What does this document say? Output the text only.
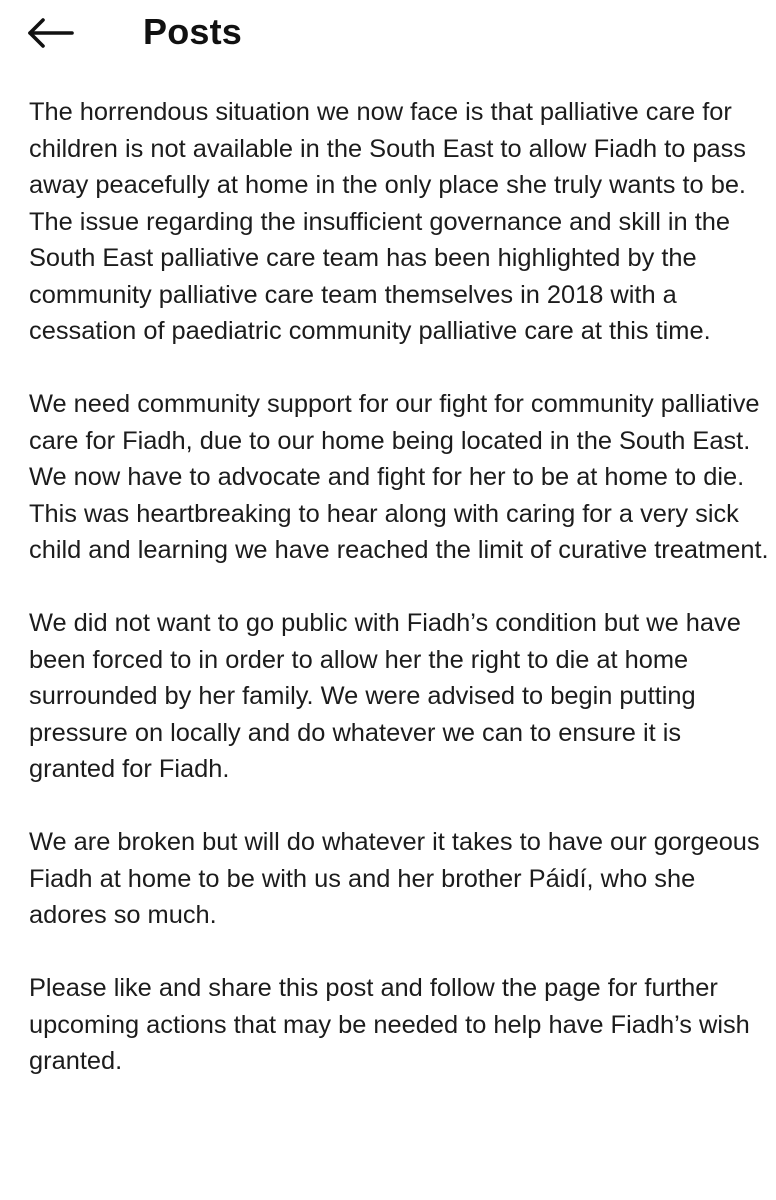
Posts

The horrendous situation we now face is that palliative care for children is not available in the South East to allow Fiadh to pass away peacefully at home in the only place she truly wants to be.

The issue regarding the insufficient governance and skill in the South East palliative care team has been highlighted by the community palliative care team themselves in 2018 with a cessation of paediatric community palliative care at this time.

We need community support for our fight for community palliative care for Fiadh, due to our home being located in the South East. We now have to advocate and fight for her to be at home to die. This was heartbreaking to hear along with caring for a very sick child and learning we have reached the limit of curative treatment.

We did not want to go public with Fiadh’s condition but we have been forced to in order to allow her the right to die at home surrounded by her family. We were advised to begin putting pressure on locally and do whatever we can to ensure it is granted for Fiadh.

We are broken but will do whatever it takes to have our gorgeous Fiadh at home to be with us and her brother Páidí, who she adores so much.

Please like and share this post and follow the page for further upcoming actions that may be needed to help have Fiadh’s wish granted.
